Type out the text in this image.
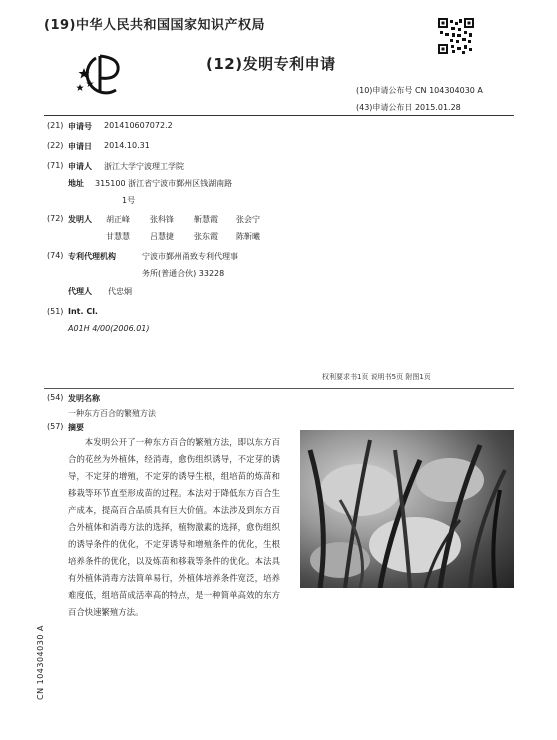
(19)中华人民共和国国家知识产权局
(12)发明专利申请
(10)申请公布号 CN 104304030 A
(43)申请公布日 2015.01.28
(21) 申请号 201410607072.2
(22) 申请日 2014.10.31
(71) 申请人 浙江大学宁波理工学院
地址 315100 浙江省宁波市鄞州区钱湖南路
1号
(72) 发明人 胡正峰	张科锋	靳慧霞 张会宁
甘慧慧	吕慧捷	张东霞 陈靳曦
(74) 专利代理机构	宁波市鄞州甬致专利代理事
务所(普通合伙) 33228
代理人 代忠炯
(51) Int. Cl.
A01H 4/00(2006.01)
权利要求书1页 说明书5页 附图1页
(54) 发明名称
一种东方百合的繁殖方法
(57) 摘要
本发明公开了一种东方百合的繁殖方法，即以东方百合的花丝为外植体，经消毒，愈伤组织诱导，不定芽的诱导，不定芽的增殖，不定芽的诱导生根，组培苗的炼苗和移栽等环节直至形成苗的过程。本法对于降低东方百合生产成本，提高百合品质具有巨大价值。本法涉及到东方百合外植体和消毒方法的选择，植物激素的选择，愈伤组织的诱导条件的优化，不定芽诱导和增殖条件的优化，生根培养条件的优化，以及炼苗和移栽等条件的优化。本法具有外植体消毒方法简单易行，外植体培养条件宽泛，培养难度低，组培苗成活率高的特点，是一种简单高效的东方百合快速繁殖方法。
CN 104304030 A
